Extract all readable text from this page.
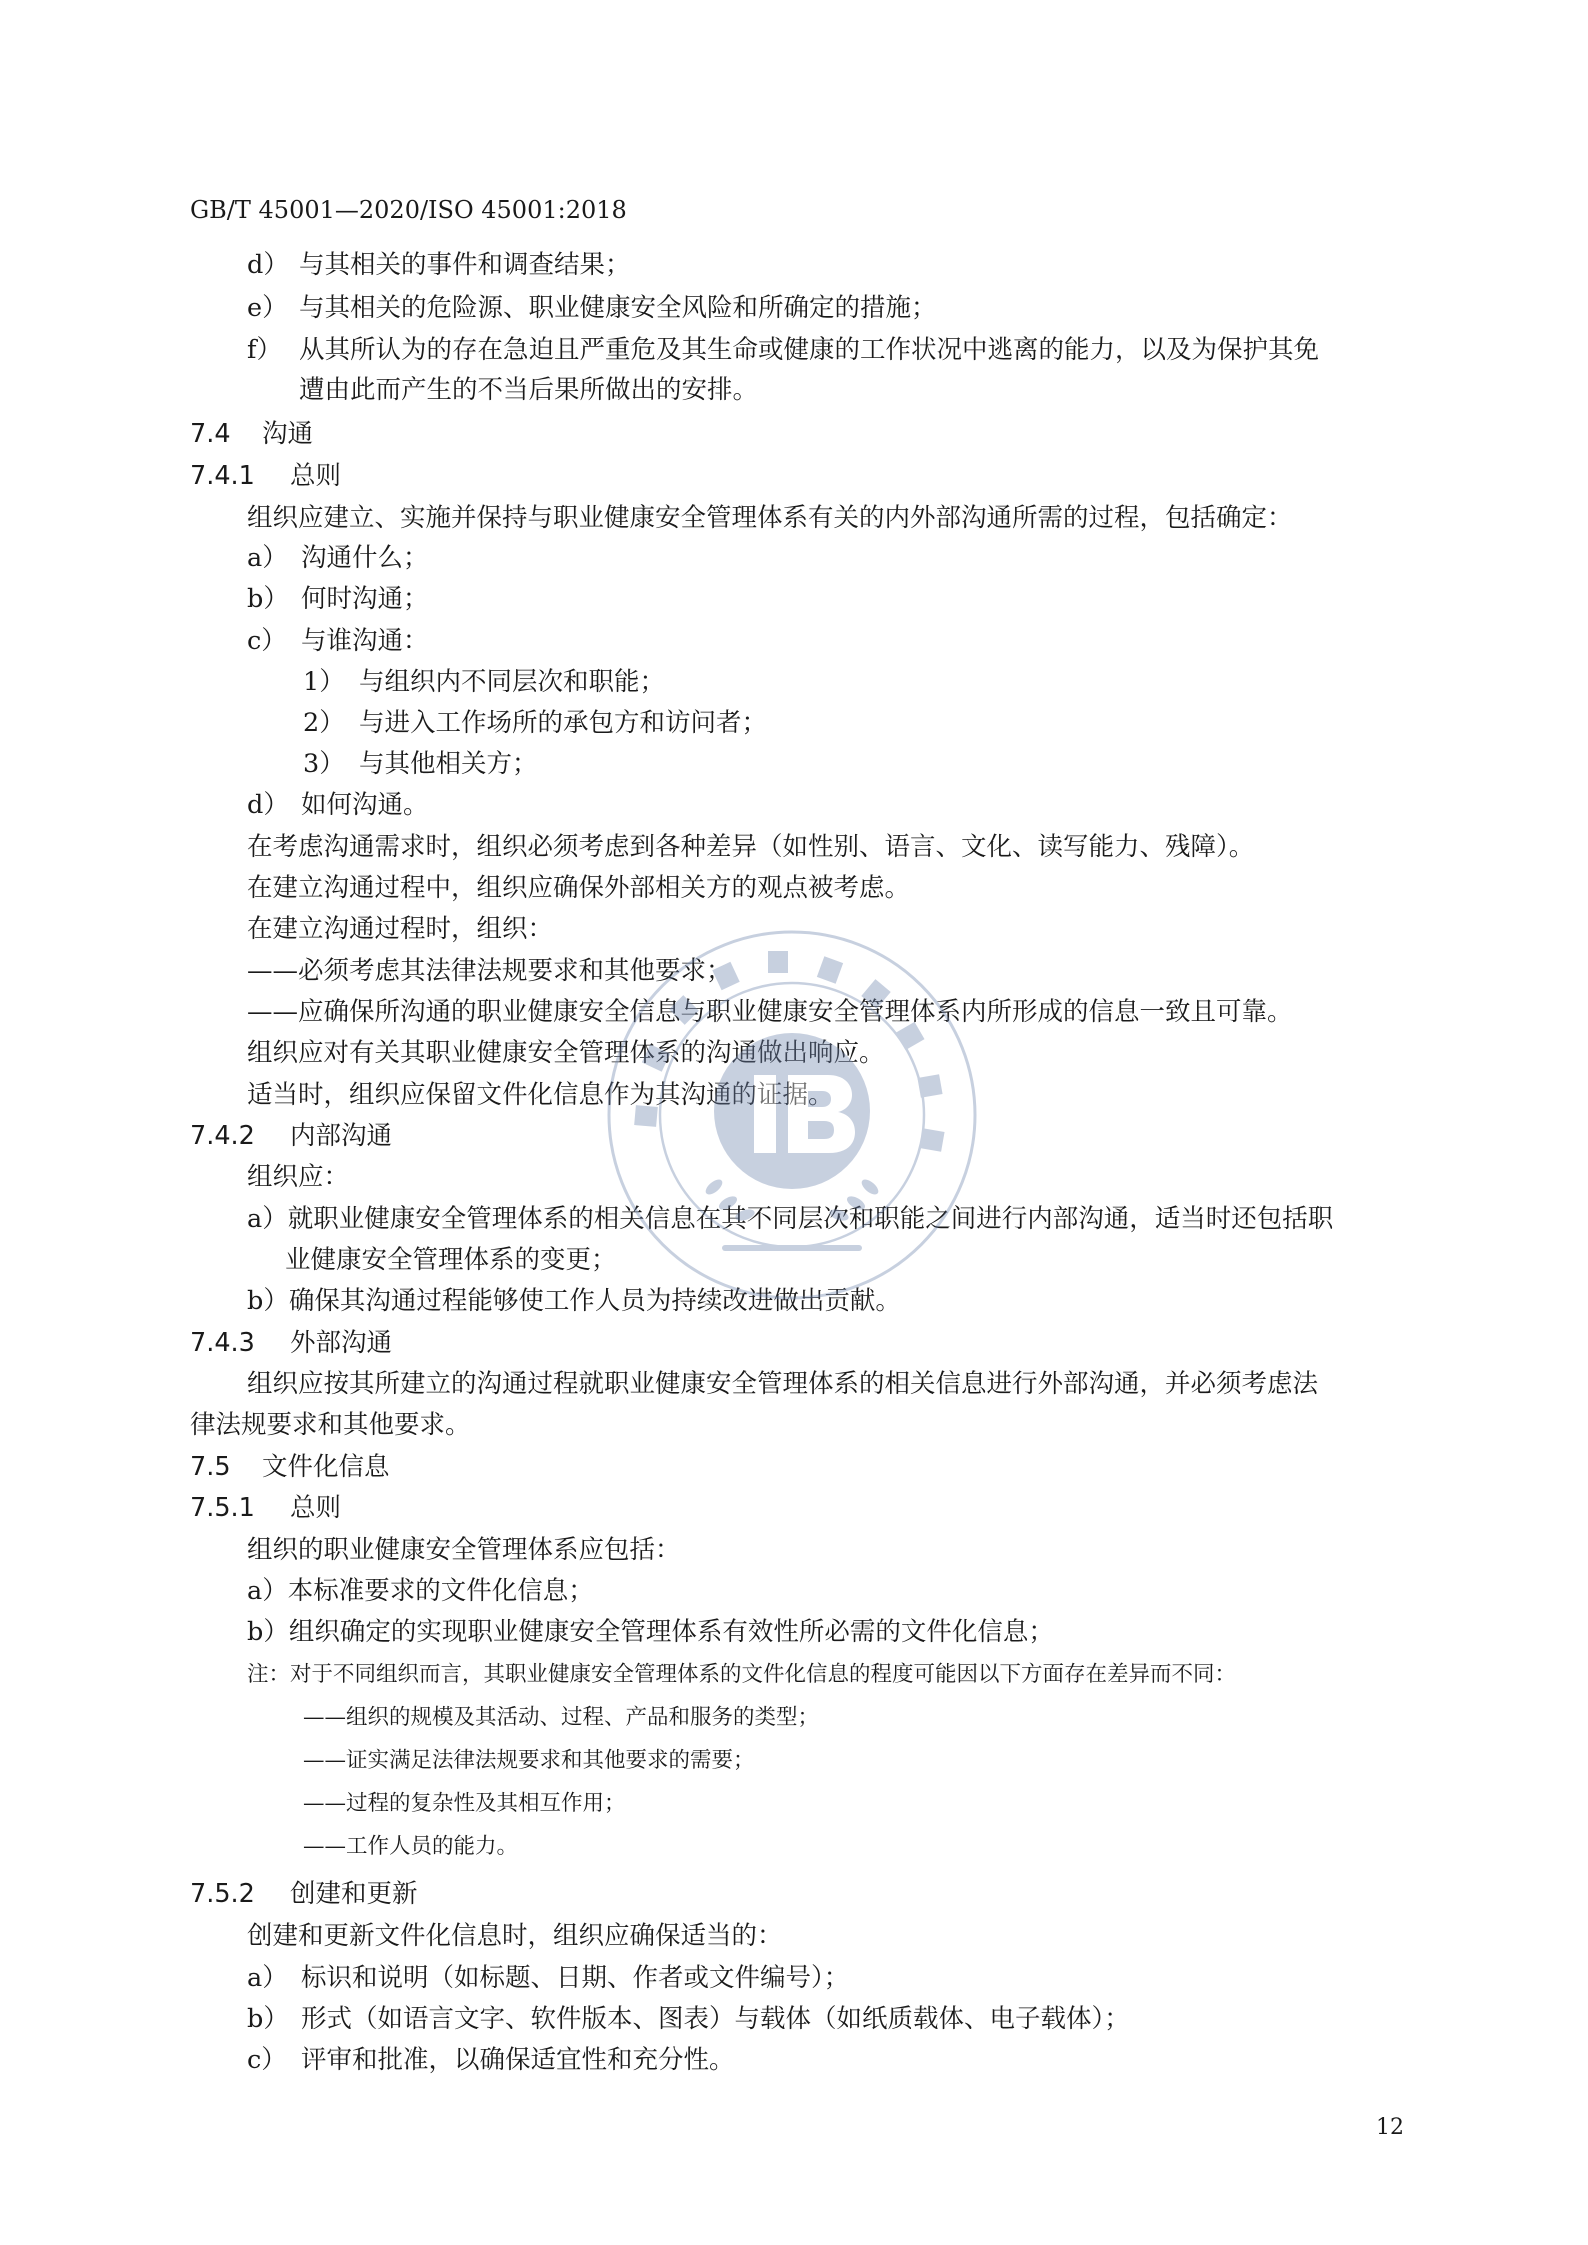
GB/T 45001—2020/ISO 45001:2018
d） 与其相关的事件和调查结果；
e） 与其相关的危险源、职业健康安全风险和所确定的措施；
f） 从其所认为的存在急迫且严重危及其生命或健康的工作状况中逃离的能力，以及为保护其免
遭由此而产生的不当后果所做出的安排。
7.4 沟通
7.4.1 总则
组织应建立、实施并保持与职业健康安全管理体系有关的内外部沟通所需的过程，包括确定：
a） 沟通什么；
b） 何时沟通；
c） 与谁沟通：
1） 与组织内不同层次和职能；
2） 与进入工作场所的承包方和访问者；
3） 与其他相关方；
d） 如何沟通。
在考虑沟通需求时，组织必须考虑到各种差异（如性别、语言、文化、读写能力、残障）。
在建立沟通过程中，组织应确保外部相关方的观点被考虑。
在建立沟通过程时，组织：
——必须考虑其法律法规要求和其他要求；
——应确保所沟通的职业健康安全信息与职业健康安全管理体系内所形成的信息一致且可靠。
组织应对有关其职业健康安全管理体系的沟通做出响应。
适当时，组织应保留文件化信息作为其沟通的证据。
7.4.2 内部沟通
组织应：
a）就职业健康安全管理体系的相关信息在其不同层次和职能之间进行内部沟通，适当时还包括职
业健康安全管理体系的变更；
b）确保其沟通过程能够使工作人员为持续改进做出贡献。
7.4.3 外部沟通
组织应按其所建立的沟通过程就职业健康安全管理体系的相关信息进行外部沟通，并必须考虑法
律法规要求和其他要求。
7.5 文件化信息
7.5.1 总则
组织的职业健康安全管理体系应包括：
a）本标准要求的文件化信息；
b）组织确定的实现职业健康安全管理体系有效性所必需的文件化信息；
注：对于不同组织而言，其职业健康安全管理体系的文件化信息的程度可能因以下方面存在差异而不同：
——组织的规模及其活动、过程、产品和服务的类型；
——证实满足法律法规要求和其他要求的需要；
——过程的复杂性及其相互作用；
——工作人员的能力。
7.5.2 创建和更新
创建和更新文件化信息时，组织应确保适当的：
a） 标识和说明（如标题、日期、作者或文件编号）；
b） 形式（如语言文字、软件版本、图表）与载体（如纸质载体、电子载体）；
c） 评审和批准，以确保适宜性和充分性。
12
